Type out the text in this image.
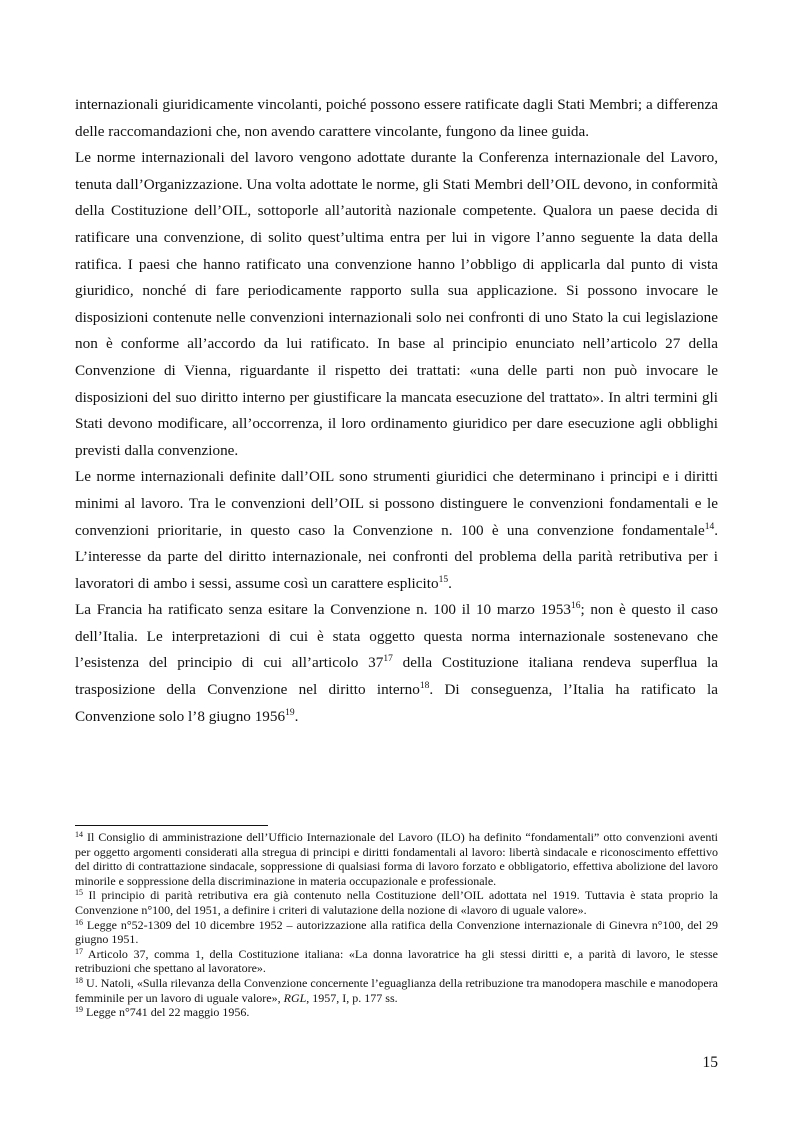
internazionali giuridicamente vincolanti, poiché possono essere ratificate dagli Stati Membri; a differenza delle raccomandazioni che, non avendo carattere vincolante, fungono da linee guida.

Le norme internazionali del lavoro vengono adottate durante la Conferenza internazionale del Lavoro, tenuta dall’Organizzazione. Una volta adottate le norme, gli Stati Membri dell’OIL devono, in conformità della Costituzione dell’OIL, sottoporle all’autorità nazionale competente. Qualora un paese decida di ratificare una convenzione, di solito quest’ultima entra per lui in vigore l’anno seguente la data della ratifica. I paesi che hanno ratificato una convenzione hanno l’obbligo di applicarla dal punto di vista giuridico, nonché di fare periodicamente rapporto sulla sua applicazione. Si possono invocare le disposizioni contenute nelle convenzioni internazionali solo nei confronti di uno Stato la cui legislazione non è conforme all’accordo da lui ratificato. In base al principio enunciato nell’articolo 27 della Convenzione di Vienna, riguardante il rispetto dei trattati: «una delle parti non può invocare le disposizioni del suo diritto interno per giustificare la mancata esecuzione del trattato». In altri termini gli Stati devono modificare, all’occorrenza, il loro ordinamento giuridico per dare esecuzione agli obblighi previsti dalla convenzione.

Le norme internazionali definite dall’OIL sono strumenti giuridici che determinano i principi e i diritti minimi al lavoro. Tra le convenzioni dell’OIL si possono distinguere le convenzioni fondamentali e le convenzioni prioritarie, in questo caso la Convenzione n. 100 è una convenzione fondamentale$^{14}$. L’interesse da parte del diritto internazionale, nei confronti del problema della parità retributiva per i lavoratori di ambo i sessi, assume così un carattere esplicito$^{15}$.

La Francia ha ratificato senza esitare la Convenzione n. 100 il 10 marzo 1953$^{16}$; non è questo il caso dell’Italia. Le interpretazioni di cui è stata oggetto questa norma internazionale sostenevano che l’esistenza del principio di cui all’articolo $37^{17}$ della Costituzione italiana rendeva superflua la trasposizione della Convenzione nel diritto interno$^{18}$. Di conseguenza, l’Italia ha ratificato la Convenzione solo l’8 giugno 1956$^{19}$.

$^{14}$ Il Consiglio di amministrazione dell’Ufficio Internazionale del Lavoro (ILO) ha definito “fondamentali” otto convenzioni aventi per oggetto argomenti considerati alla stregua di principi e diritti fondamentali al lavoro: libertà sindacale e riconoscimento effettivo del diritto di contrattazione sindacale, soppressione di qualsiasi forma di lavoro forzato e obbligatorio, effettiva abolizione del lavoro minorile e soppressione della discriminazione in materia occupazionale e professionale.

$^{15}$ Il principio di parità retributiva era già contenuto nella Costituzione dell’OIL adottata nel 1919. Tuttavia è stata proprio la Convenzione n°100, del 1951, a definire i criteri di valutazione della nozione di «lavoro di uguale valore».

$^{16}$ Legge n°52-1309 del 10 dicembre 1952 – autorizzazione alla ratifica della Convenzione internazionale di Ginevra n°100, del 29 giugno 1951.

$^{17}$ Articolo 37, comma 1, della Costituzione italiana: «La donna lavoratrice ha gli stessi diritti e, a parità di lavoro, le stesse retribuzioni che spettano al lavoratore».

$^{18}$ U. Natoli, «Sulla rilevanza della Convenzione concernente l’eguaglianza della retribuzione tra manodopera maschile e manodopera femminile per un lavoro di uguale valore», RGL, 1957, I, p. 177 ss.

$^{19}$ Legge n°741 del 22 maggio 1956.

15
